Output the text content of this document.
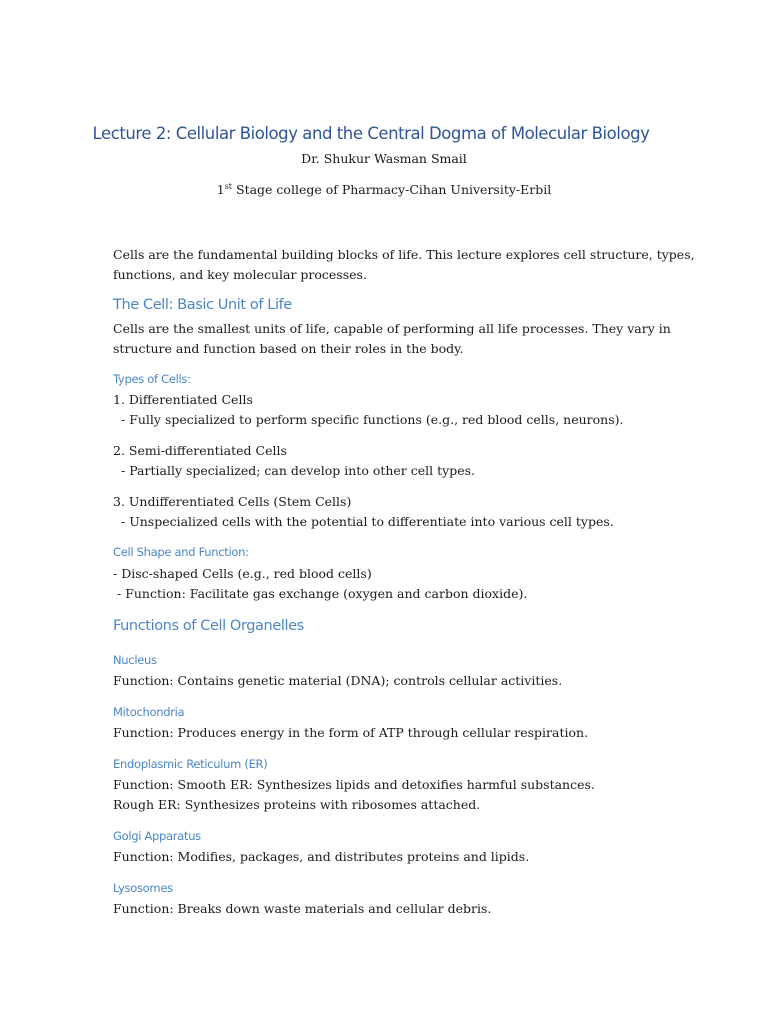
Lecture 2: Cellular Biology and the Central Dogma of Molecular Biology
Dr. Shukur Wasman Smail
1st Stage college of Pharmacy-Cihan University-Erbil
Cells are the fundamental building blocks of life. This lecture explores cell structure, types,
functions, and key molecular processes.
The Cell: Basic Unit of Life
Cells are the smallest units of life, capable of performing all life processes. They vary in
structure and function based on their roles in the body.
Types of Cells:
1. Differentiated Cells
- Fully specialized to perform specific functions (e.g., red blood cells, neurons).
2. Semi-differentiated Cells
- Partially specialized; can develop into other cell types.
3. Undifferentiated Cells (Stem Cells)
- Unspecialized cells with the potential to differentiate into various cell types.
Cell Shape and Function:
- Disc-shaped Cells (e.g., red blood cells)
- Function: Facilitate gas exchange (oxygen and carbon dioxide).
Functions of Cell Organelles
Nucleus
Function: Contains genetic material (DNA); controls cellular activities.
Mitochondria
Function: Produces energy in the form of ATP through cellular respiration.
Endoplasmic Reticulum (ER)
Function: Smooth ER: Synthesizes lipids and detoxifies harmful substances.
Rough ER: Synthesizes proteins with ribosomes attached.
Golgi Apparatus
Function: Modifies, packages, and distributes proteins and lipids.
Lysosomes
Function: Breaks down waste materials and cellular debris.
